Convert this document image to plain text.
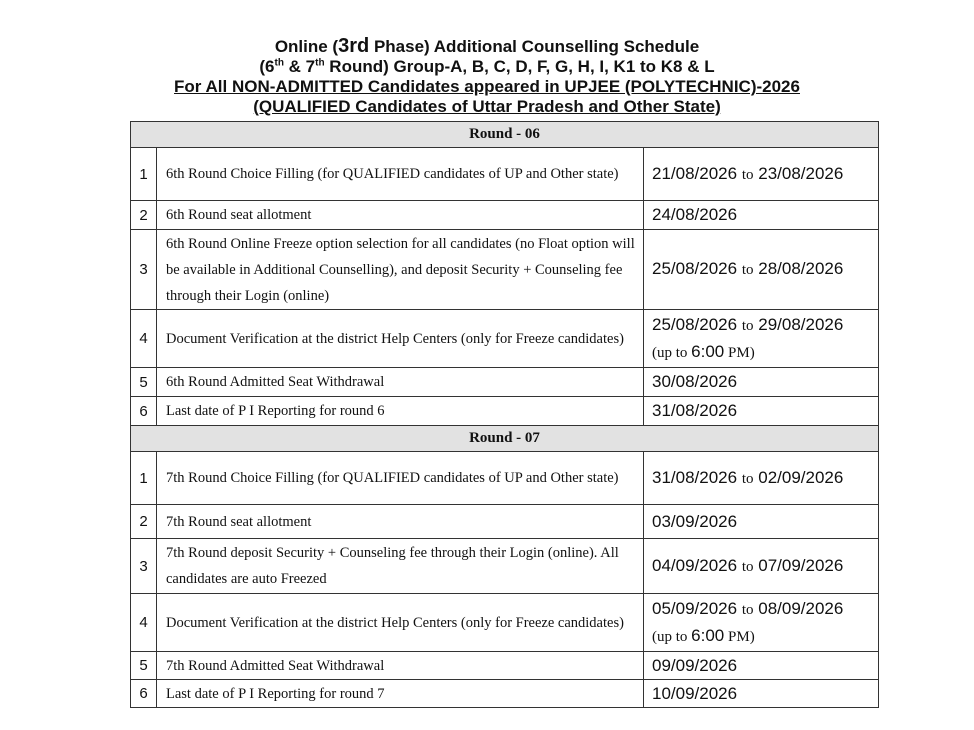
Online (3rd Phase) Additional Counselling Schedule
(6th & 7th Round) Group-A, B, C, D, F, G, H, I, K1 to K8 & L
For All NON-ADMITTED Candidates appeared in UPJEE (POLYTECHNIC)-2026
(QUALIFIED Candidates of Uttar Pradesh and Other State)
Round - 06		
1	6th Round Choice Filling (for QUALIFIED candidates of UP and Other state)	21/08/2026 to 23/08/2026
2	6th Round seat allotment	24/08/2026
3	6th Round Online Freeze option selection for all candidates (no Float option will be available in Additional Counselling), and deposit Security + Counseling fee through their Login (online)	25/08/2026 to 28/08/2026
4	Document Verification at the district Help Centers (only for Freeze candidates)	25/08/2026 to 29/08/2026
(up to 6:00 PM)

5	6th Round Admitted Seat Withdrawal	30/08/2026
6	Last date of P I Reporting for round 6	31/08/2026
Round - 07		
1	7th Round Choice Filling (for QUALIFIED candidates of UP and Other state)	31/08/2026 to 02/09/2026
2	7th Round seat allotment	03/09/2026
3	7th Round deposit Security + Counseling fee through their Login (online). All candidates are auto Freezed	04/09/2026 to 07/09/2026
4	Document Verification at the district Help Centers (only for Freeze candidates)	05/09/2026 to 08/09/2026
(up to 6:00 PM)

5	7th Round Admitted Seat Withdrawal	09/09/2026
6	Last date of P I Reporting for round 7	10/09/2026
